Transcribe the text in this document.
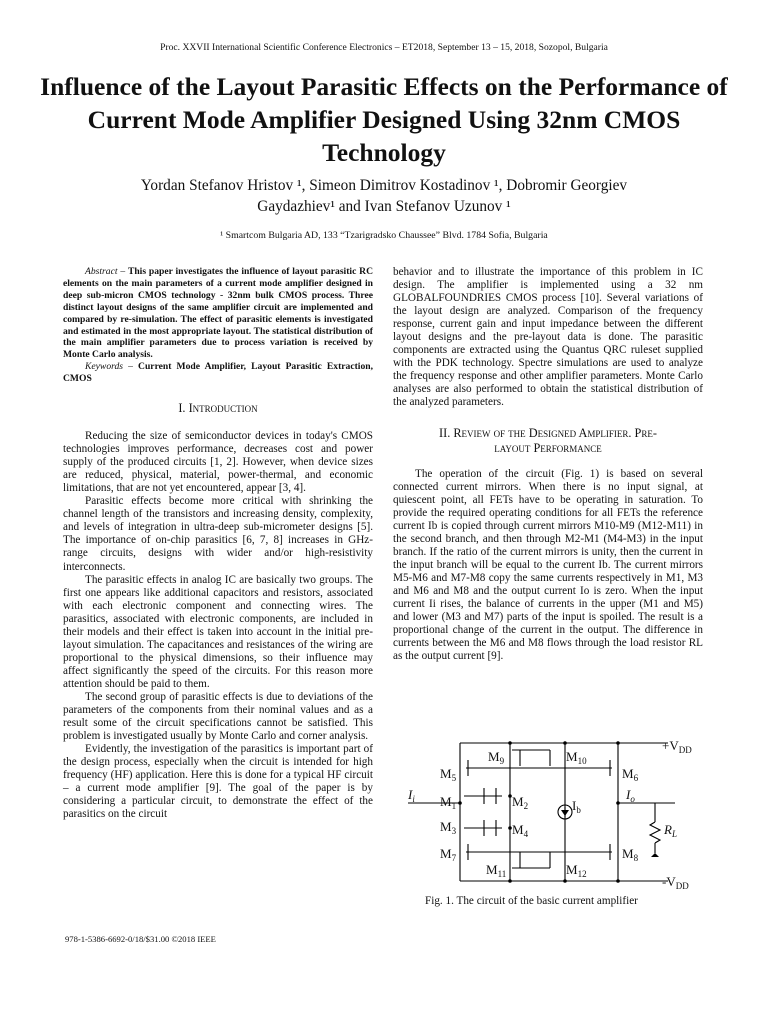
Proc. XXVII International Scientific Conference Electronics – ET2018, September 13 – 15, 2018, Sozopol, Bulgaria
Influence of the Layout Parasitic Effects on the Performance of Current Mode Amplifier Designed Using 32nm CMOS Technology
Yordan Stefanov Hristov ¹, Simeon Dimitrov Kostadinov ¹, Dobromir Georgiev
Gaydazhiev¹ and Ivan Stefanov Uzunov ¹
¹ Smartcom Bulgaria AD, 133 “Tzarigradsko Chaussee” Blvd. 1784 Sofia, Bulgaria
Abstract – This paper investigates the influence of layout parasitic RC elements on the main parameters of a current mode amplifier designed in deep sub-micron CMOS technology - 32nm bulk CMOS process. Three distinct layout designs of the same amplifier circuit are implemented and compared by re-simulation. The effect of parasitic elements is investigated and estimated in the most appropriate layout. The statistical distribution of the main amplifier parameters due to process variation is received by Monte Carlo analysis.
Keywords – Current Mode Amplifier, Layout Parasitic Extraction, CMOS
I. Introduction

Reducing the size of semiconductor devices in today's CMOS technologies improves performance, decreases cost and power supply of the produced circuits [1, 2]. However, when device sizes are reduced, physical, material, power-thermal, and economic limitations, that are not yet encountered, appear [3, 4].

Parasitic effects become more critical with shrinking the channel length of the transistors and increasing density, complexity, and levels of integration in ultra-deep sub-micrometer designs [5]. The importance of on-chip parasitics [6, 7, 8] increases in GHz-range circuits, designs with wider and/or high-resistivity interconnects.

The parasitic effects in analog IC are basically two groups. The first one appears like additional capacitors and resistors, associated with each electronic component and connecting wires. The parasitics, associated with electronic components, are included in their models and their effect is taken into account in the initial pre-layout simulation. The capacitances and resistances of the wiring are proportional to the physical dimensions, so their influence may affect significantly the speed of the circuits. For this reason more attention should be paid to them.

The second group of parasitic effects is due to deviations of the parameters of the components from their nominal values and as a result some of the circuit specifications cannot be satisfied. This problem is investigated usually by Monte Carlo and corner analysis.

Evidently, the investigation of the parasitics is important part of the design process, especially when the circuit is intended for high frequency (HF) application. Here this is done for a typical HF circuit – a current mode amplifier [9]. The goal of the paper is by considering a particular circuit, to demonstrate the effect of the parasitics on the circuit

behavior and to illustrate the importance of this problem in IC design. The amplifier is implemented using a 32 nm GLOBALFOUNDRIES CMOS process [10]. Several variations of the layout design are analyzed. Comparison of the frequency response, current gain and input impedance between the different layout designs and the pre-layout data is done. The parasitic components are extracted using the Quantus QRC ruleset supplied with the PDK technology. Spectre simulations are used to analyze the frequency response and other amplifier parameters. Monte Carlo analyses are also performed to obtain the statistical distribution of the analyzed parameters.

II. Review of the Designed Amplifier. Pre-
layout Performance

The operation of the circuit (Fig. 1) is based on several connected current mirrors. When there is no input signal, at quiescent point, all FETs have to be operating in saturation. To provide the required operating conditions for all FETs the reference current Ib is copied through current mirrors M10-M9 (M12-M11) in the second branch, and then through M2-M1 (M4-M3) in the input branch. If the ratio of the current mirrors is unity, then the current in the input branch will be equal to the current Ib. The current mirrors M5-M6 and M7-M8 copy the same currents respectively in M1, M3 and M6 and M8 and the output current Io is zero. When the input current Ii rises, the balance of currents in the upper (M1 and M5) and lower (M3 and M7) parts of the input is spoiled. The result is a proportional change of the current in the output. The difference in currents between the M6 and M8 flows through the load resistor RL as the output current [9].

$+V_{DD}$
$-V_{DD}$
$I_i$	$I_o$
$I_b$
$R_L$
$M_9$	$M_{10}$
$M_5$	$M_6$
$M_1$	$M_2$
$M_3$	$M_4$
$M_7$	$M_8$
$M_{11}$	$M_{12}$
Fig. 1. The circuit of the basic current amplifier
978-1-5386-6692-0/18/$31.00 ©2018 IEEE
